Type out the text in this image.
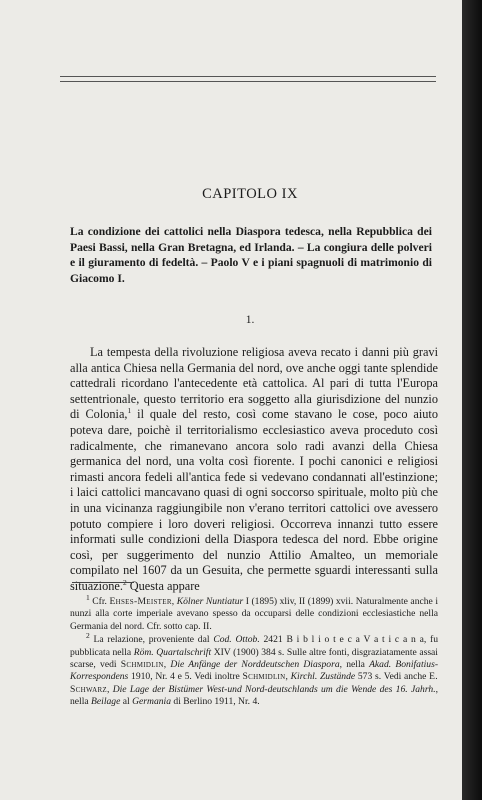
CAPITOLO IX
La condizione dei cattolici nella Diaspora tedesca, nella Repubblica dei Paesi Bassi, nella Gran Bretagna, ed Irlanda. – La congiura delle polveri e il giuramento di fedeltà. – Paolo V e i piani spagnuoli di matrimonio di Giacomo I.
1.

La tempesta della rivoluzione religiosa aveva recato i danni più gravi alla antica Chiesa nella Germania del nord, ove anche oggi tante splendide cattedrali ricordano l'antecedente età cattolica. Al pari di tutta l'Europa settentrionale, questo territorio era soggetto alla giurisdizione del nunzio di Colonia,$^1$ il quale del resto, così come stavano le cose, poco aiuto poteva dare, poichè il territorialismo ecclesiastico aveva proceduto così radicalmente, che rimanevano ancora solo radi avanzi della Chiesa germanica del nord, una volta così fiorente. I pochi canonici e religiosi rimasti ancora fedeli all'antica fede si vedevano condannati all'estinzione; i laici cattolici mancavano quasi di ogni soccorso spirituale, molto più che in una vicinanza raggiungibile non v'erano territori cattolici ove avessero potuto compiere i loro doveri religiosi. Occorreva innanzi tutto essere informati sulle condizioni della Diaspora tedesca del nord. Ebbe origine così, per suggerimento del nunzio Attilio Amalteo, un memoriale compilato nel 1607 da un Gesuita, che permette sguardi interessanti sulla situazione.$^2$ Questa appare

$^1$ Cfr. Ehses-Meister, Kölner Nuntiatur I (1895) xliv, II (1899) xvii. Naturalmente anche i nunzi alla corte imperiale avevano spesso da occuparsi delle condizioni ecclesiastiche nella Germania del nord. Cfr. sotto cap. II.

$^2$ La relazione, proveniente dal Cod. Ottob. 2421 B i b l i o t e c a V a t i c a n a, fu pubblicata nella Röm. Quartalschrift XIV (1900) 384 s. Sulle altre fonti, disgraziatamente assai scarse, vedi Schmidlin, Die Anfänge der Norddeutschen Diaspora, nella Akad. Bonifatius-Korrespondens 1910, Nr. 4 e 5. Vedi inoltre Schmidlin, Kirchl. Zustände 573 s. Vedi anche E. Schwarz, Die Lage der Bistümer West-und Nord-deutschlands um die Wende des 16. Jahrh., nella Beilage al Germania di Berlino 1911, Nr. 4.
